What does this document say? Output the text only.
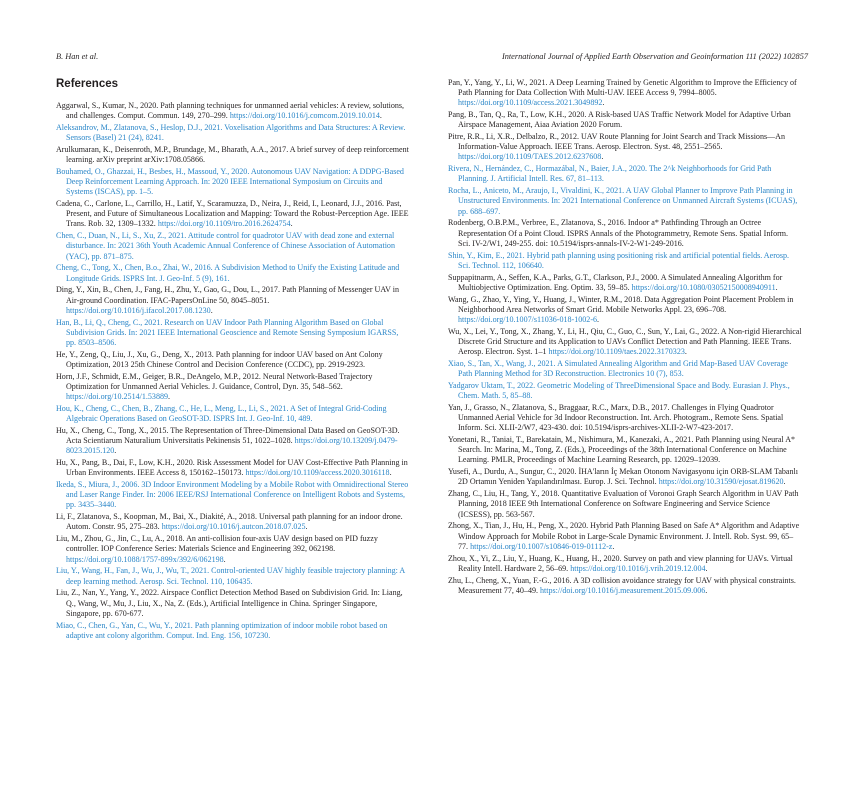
B. Han et al.	International Journal of Applied Earth Observation and Geoinformation 111 (2022) 102857
References

Aggarwal, S., Kumar, N., 2020. Path planning techniques for unmanned aerial vehicles: A review, solutions, and challenges. Comput. Commun. 149, 270–299. https://doi.org/10.1016/j.comcom.2019.10.014.

Aleksandrov, M., Zlatanova, S., Heslop, D.J., 2021. Voxelisation Algorithms and Data Structures: A Review. Sensors (Basel) 21 (24), 8241.

Arulkumaran, K., Deisenroth, M.P., Brundage, M., Bharath, A.A., 2017. A brief survey of deep reinforcement learning. arXiv preprint arXiv:1708.05866.

Bouhamed, O., Ghazzai, H., Besbes, H., Massoud, Y., 2020. Autonomous UAV Navigation: A DDPG-Based Deep Reinforcement Learning Approach. In: 2020 IEEE International Symposium on Circuits and Systems (ISCAS), pp. 1–5.

Cadena, C., Carlone, L., Carrillo, H., Latif, Y., Scaramuzza, D., Neira, J., Reid, I., Leonard, J.J., 2016. Past, Present, and Future of Simultaneous Localization and Mapping: Toward the Robust-Perception Age. IEEE Trans. Rob. 32, 1309–1332. https://doi.org/10.1109/tro.2016.2624754.

Chen, C., Duan, N., Li, S., Xu, Z., 2021. Attitude control for quadrotor UAV with dead zone and external disturbance. In: 2021 36th Youth Academic Annual Conference of Chinese Association of Automation (YAC), pp. 871–875.

Cheng, C., Tong, X., Chen, B.o., Zhai, W., 2016. A Subdivision Method to Unify the Existing Latitude and Longitude Grids. ISPRS Int. J. Geo-Inf. 5 (9), 161.

Ding, Y., Xin, B., Chen, J., Fang, H., Zhu, Y., Gao, G., Dou, L., 2017. Path Planning of Messenger UAV in Air-ground Coordination. IFAC-PapersOnLine 50, 8045–8051. https://doi.org/10.1016/j.ifacol.2017.08.1230.

Han, B., Li, Q., Cheng, C., 2021. Research on UAV Indoor Path Planning Algorithm Based on Global Subdivision Grids. In: 2021 IEEE International Geoscience and Remote Sensing Symposium IGARSS, pp. 8503–8506.

He, Y., Zeng, Q., Liu, J., Xu, G., Deng, X., 2013. Path planning for indoor UAV based on Ant Colony Optimization, 2013 25th Chinese Control and Decision Conference (CCDC), pp. 2919-2923.

Horn, J.F., Schmidt, E.M., Geiger, B.R., DeAngelo, M.P., 2012. Neural Network-Based Trajectory Optimization for Unmanned Aerial Vehicles. J. Guidance, Control, Dyn. 35, 548–562. https://doi.org/10.2514/1.53889.

Hou, K., Cheng, C., Chen, B., Zhang, C., He, L., Meng, L., Li, S., 2021. A Set of Integral Grid-Coding Algebraic Operations Based on GeoSOT-3D. ISPRS Int. J. Geo-Inf. 10, 489.

Hu, X., Cheng, C., Tong, X., 2015. The Representation of Three-Dimensional Data Based on GeoSOT-3D. Acta Scientiarum Naturalium Universitatis Pekinensis 51, 1022–1028. https://doi.org/10.13209/j.0479-8023.2015.120.

Hu, X., Pang, B., Dai, F., Low, K.H., 2020. Risk Assessment Model for UAV Cost-Effective Path Planning in Urban Environments. IEEE Access 8, 150162–150173. https://doi.org/10.1109/access.2020.3016118.

Ikeda, S., Miura, J., 2006. 3D Indoor Environment Modeling by a Mobile Robot with Omnidirectional Stereo and Laser Range Finder. In: 2006 IEEE/RSJ International Conference on Intelligent Robots and Systems, pp. 3435–3440.

Li, F., Zlatanova, S., Koopman, M., Bai, X., Diakité, A., 2018. Universal path planning for an indoor drone. Autom. Constr. 95, 275–283. https://doi.org/10.1016/j.autcon.2018.07.025.

Liu, M., Zhou, G., Jin, C., Lu, A., 2018. An anti-collision four-axis UAV design based on PID fuzzy controller. IOP Conference Series: Materials Science and Engineering 392, 062198. https://doi.org/10.1088/1757-899x/392/6/062198.

Liu, Y., Wang, H., Fan, J., Wu, J., Wu, T., 2021. Control-oriented UAV highly feasible trajectory planning: A deep learning method. Aerosp. Sci. Technol. 110, 106435.

Liu, Z., Nan, Y., Yang, Y., 2022. Airspace Conflict Detection Method Based on Subdivision Grid. In: Liang, Q., Wang, W., Mu, J., Liu, X., Na, Z. (Eds.), Artificial Intelligence in China. Springer Singapore, Singapore, pp. 670-677.

Miao, C., Chen, G., Yan, C., Wu, Y., 2021. Path planning optimization of indoor mobile robot based on adaptive ant colony algorithm. Comput. Ind. Eng. 156, 107230.

Pan, Y., Yang, Y., Li, W., 2021. A Deep Learning Trained by Genetic Algorithm to Improve the Efficiency of Path Planning for Data Collection With Multi-UAV. IEEE Access 9, 7994–8005. https://doi.org/10.1109/access.2021.3049892.

Pang, B., Tan, Q., Ra, T., Low, K.H., 2020. A Risk-based UAS Traffic Network Model for Adaptive Urban Airspace Management, Aiaa Aviation 2020 Forum.

Pitre, R.R., Li, X.R., Delbalzo, R., 2012. UAV Route Planning for Joint Search and Track Missions—An Information-Value Approach. IEEE Trans. Aerosp. Electron. Syst. 48, 2551–2565. https://doi.org/10.1109/TAES.2012.6237608.

Rivera, N., Hernández, C., Hormazábal, N., Baier, J.A., 2020. The 2^k Neighborhoods for Grid Path Planning. J. Artificial Intell. Res. 67, 81–113.

Rocha, L., Aniceto, M., Araujo, I., Vivaldini, K., 2021. A UAV Global Planner to Improve Path Planning in Unstructured Environments. In: 2021 International Conference on Unmanned Aircraft Systems (ICUAS), pp. 688–697.

Rodenberg, O.B.P.M., Verbree, E., Zlatanova, S., 2016. Indoor a* Pathfinding Through an Octree Representation Of a Point Cloud. ISPRS Annals of the Photogrammetry, Remote Sens. Spatial Inform. Sci. IV-2/W1, 249-255. doi: 10.5194/isprs-annals-IV-2-W1-249-2016.

Shin, Y., Kim, E., 2021. Hybrid path planning using positioning risk and artificial potential fields. Aerosp. Sci. Technol. 112, 106640.

Suppapitnarm, A., Seffen, K.A., Parks, G.T., Clarkson, P.J., 2000. A Simulated Annealing Algorithm for Multiobjective Optimization. Eng. Optim. 33, 59–85. https://doi.org/10.1080/03052150008940911.

Wang, G., Zhao, Y., Ying, Y., Huang, J., Winter, R.M., 2018. Data Aggregation Point Placement Problem in Neighborhood Area Networks of Smart Grid. Mobile Networks Appl. 23, 696–708. https://doi.org/10.1007/s11036-018-1002-6.

Wu, X., Lei, Y., Tong, X., Zhang, Y., Li, H., Qiu, C., Guo, C., Sun, Y., Lai, G., 2022. A Non-rigid Hierarchical Discrete Grid Structure and its Application to UAVs Conflict Detection and Path Planning. IEEE Trans. Aerosp. Electron. Syst. 1–1 https://doi.org/10.1109/taes.2022.3170323.

Xiao, S., Tan, X., Wang, J., 2021. A Simulated Annealing Algorithm and Grid Map-Based UAV Coverage Path Planning Method for 3D Reconstruction. Electronics 10 (7), 853.

Yadgarov Uktam, T., 2022. Geometric Modeling of ThreeDimensional Space and Body. Eurasian J. Phys., Chem. Math. 5, 85–88.

Yan, J., Grasso, N., Zlatanova, S., Braggaar, R.C., Marx, D.B., 2017. Challenges in Flying Quadrotor Unmanned Aerial Vehicle for 3d Indoor Reconstruction. Int. Arch. Photogram., Remote Sens. Spatial Inform. Sci. XLII-2/W7, 423-430. doi: 10.5194/isprs-archives-XLII-2-W7-423-2017.

Yonetani, R., Taniai, T., Barekatain, M., Nishimura, M., Kanezaki, A., 2021. Path Planning using Neural A* Search. In: Marina, M., Tong, Z. (Eds.), Proceedings of the 38th International Conference on Machine Learning. PMLR, Proceedings of Machine Learning Research, pp. 12029–12039.

Yusefi, A., Durdu, A., Sungur, C., 2020. İHA'ların İç Mekan Otonom Navigasyonu için ORB-SLAM Tabanlı 2D Ortamın Yeniden Yapılandırılması. Europ. J. Sci. Technol. https://doi.org/10.31590/ejosat.819620.

Zhang, C., Liu, H., Tang, Y., 2018. Quantitative Evaluation of Voronoi Graph Search Algorithm in UAV Path Planning, 2018 IEEE 9th International Conference on Software Engineering and Service Science (ICSESS), pp. 563-567.

Zhong, X., Tian, J., Hu, H., Peng, X., 2020. Hybrid Path Planning Based on Safe A* Algorithm and Adaptive Window Approach for Mobile Robot in Large-Scale Dynamic Environment. J. Intell. Rob. Syst. 99, 65–77. https://doi.org/10.1007/s10846-019-01112-z.

Zhou, X., Yi, Z., Liu, Y., Huang, K., Huang, H., 2020. Survey on path and view planning for UAVs. Virtual Reality Intell. Hardware 2, 56–69. https://doi.org/10.1016/j.vrih.2019.12.004.

Zhu, L., Cheng, X., Yuan, F.-G., 2016. A 3D collision avoidance strategy for UAV with physical constraints. Measurement 77, 40–49. https://doi.org/10.1016/j.measurement.2015.09.006.
